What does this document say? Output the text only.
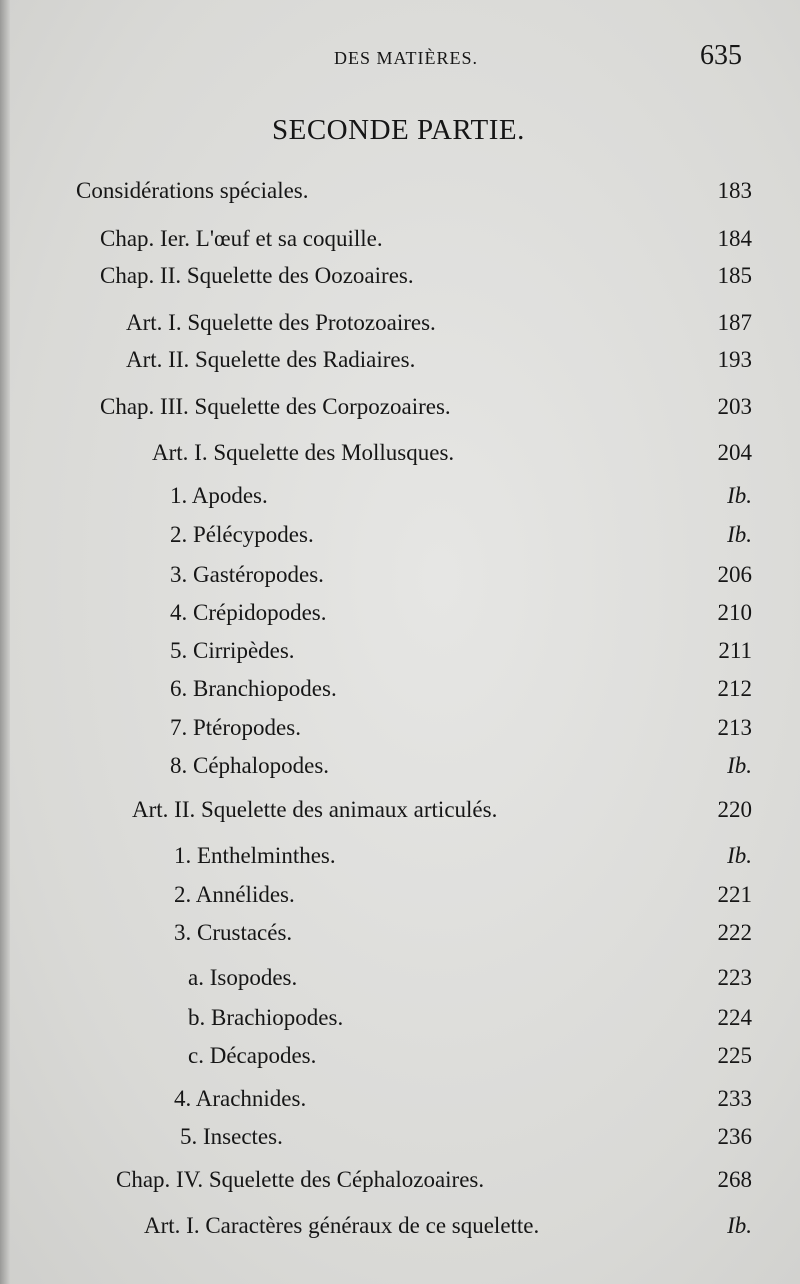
DES MATIÈRES.	635
SECONDE PARTIE.
Considérations spéciales.	183
Chap. Ier. L'œuf et sa coquille.	184
Chap. II. Squelette des Oozoaires.	185
Art. I. Squelette des Protozoaires.	187
Art. II. Squelette des Radiaires.	193
Chap. III. Squelette des Corpozoaires.	203
Art. I. Squelette des Mollusques.	204
1. Apodes.	Ib.
2. Pélécypodes.	Ib.
3. Gastéropodes.	206
4. Crépidopodes.	210
5. Cirripèdes.	211
6. Branchiopodes.	212
7. Ptéropodes.	213
8. Céphalopodes.	Ib.
Art. II. Squelette des animaux articulés.	220
1. Enthelminthes.	Ib.
2. Annélides.	221
3. Crustacés.	222
a. Isopodes.	223
b. Brachiopodes.	224
c. Décapodes.	225
4. Arachnides.	233
5. Insectes.	236
Chap. IV. Squelette des Céphalozoaires.	268
Art. I. Caractères généraux de ce squelette.	Ib.
